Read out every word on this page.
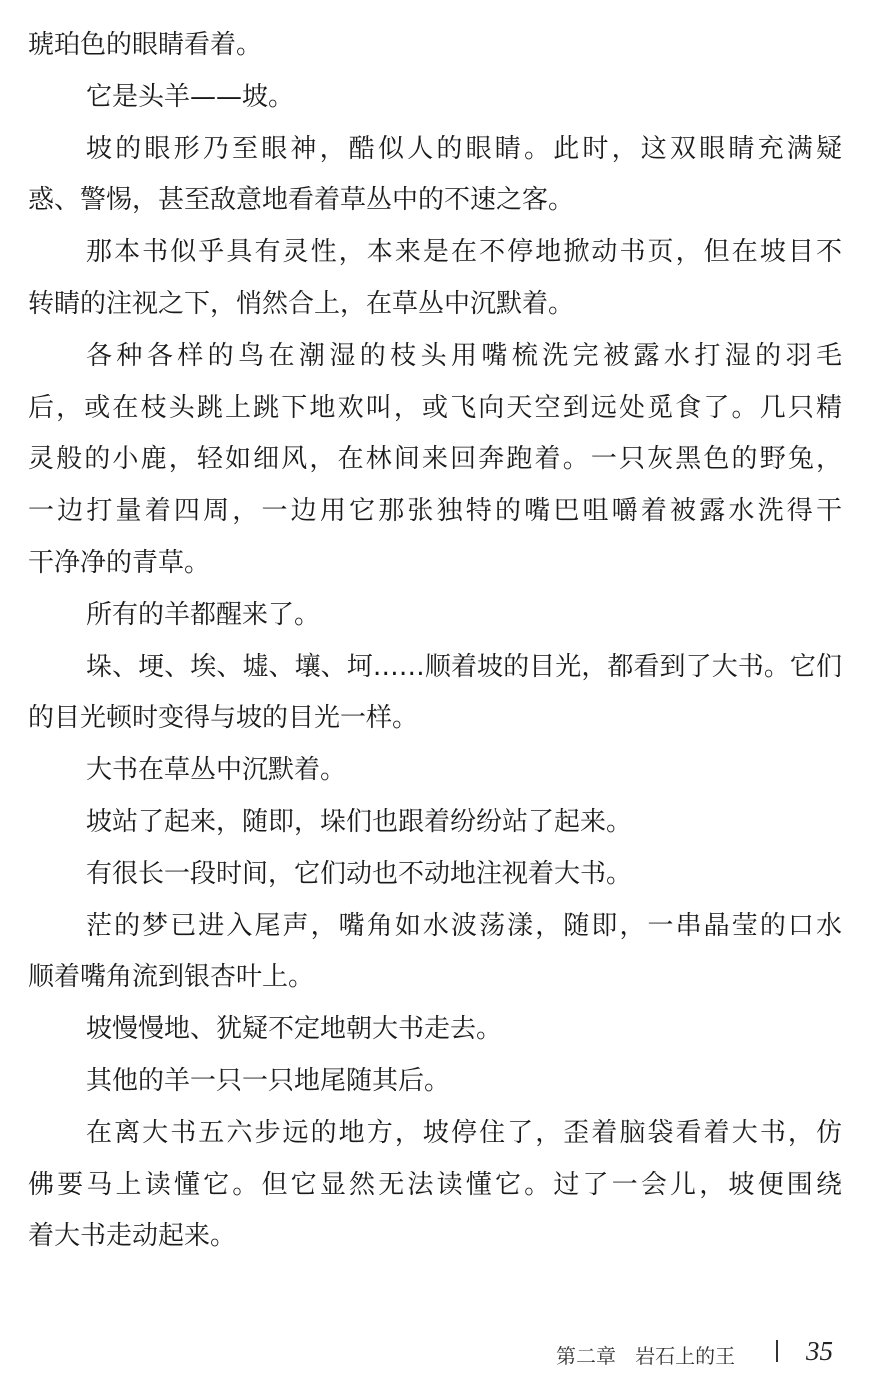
琥珀色的眼睛看着。
它是头羊——坡。
坡的眼形乃至眼神，酷似人的眼睛。此时，这双眼睛充满疑
惑、警惕，甚至敌意地看着草丛中的不速之客。
那本书似乎具有灵性，本来是在不停地掀动书页，但在坡目不
转睛的注视之下，悄然合上，在草丛中沉默着。
各种各样的鸟在潮湿的枝头用嘴梳洗完被露水打湿的羽毛
后，或在枝头跳上跳下地欢叫，或飞向天空到远处觅食了。几只精
灵般的小鹿，轻如细风，在林间来回奔跑着。一只灰黑色的野兔，
一边打量着四周，一边用它那张独特的嘴巴咀嚼着被露水洗得干
干净净的青草。
所有的羊都醒来了。
垛、埂、埃、墟、壤、坷……顺着坡的目光，都看到了大书。它们
的目光顿时变得与坡的目光一样。
大书在草丛中沉默着。
坡站了起来，随即，垛们也跟着纷纷站了起来。
有很长一段时间，它们动也不动地注视着大书。
茫的梦已进入尾声，嘴角如水波荡漾，随即，一串晶莹的口水
顺着嘴角流到银杏叶上。
坡慢慢地、犹疑不定地朝大书走去。
其他的羊一只一只地尾随其后。
在离大书五六步远的地方，坡停住了，歪着脑袋看着大书，仿
佛要马上读懂它。但它显然无法读懂它。过了一会儿，坡便围绕
着大书走动起来。
第二章   岩石上的王	35
